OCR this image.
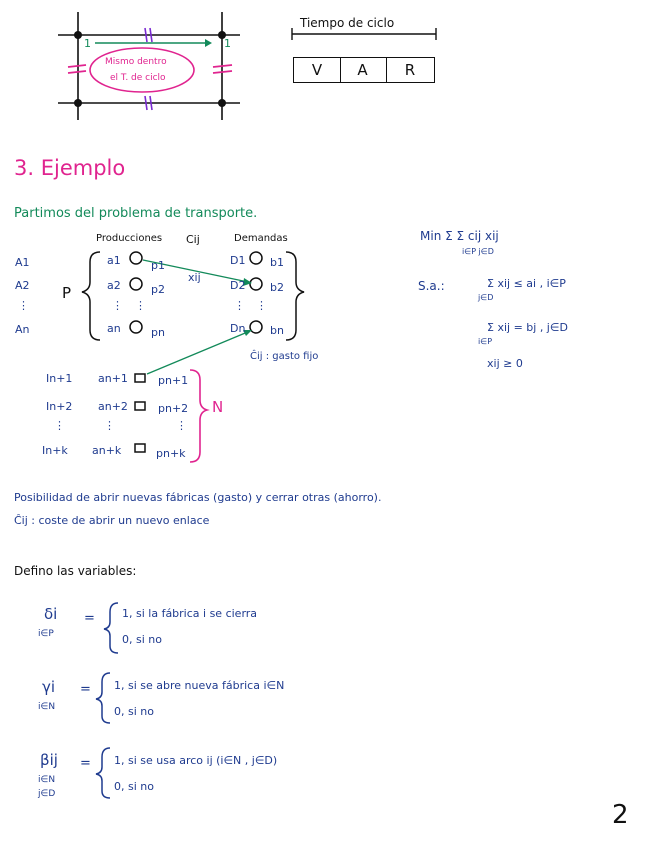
1	1
Mismo dentro
el T. de ciclo
Tiempo de ciclo
V	A	R
3. Ejemplo
Partimos del problema de transporte.
Producciones Cij	Demandas
A1
A2
⋮
An
P
a1
a2
⋮
an
p1
p2
⋮
pn
xij
D1
D2
⋮
Dn
b1
b2
⋮
bn
Ĉij : gasto fijo
In+1
In+2
⋮
In+k
an+1
an+2
⋮
an+k
pn+1
pn+2
⋮
pn+k
N
Min Σ Σ cij xij
i∈P j∈D
S.a.:	Σ xij ≤ ai , i∈P
j∈D
Σ xij = bj , j∈D
i∈P
xij ≥ 0
Posibilidad de abrir nuevas fábricas (gasto) y cerrar otras (ahorro).
Ĉij : coste de abrir un nuevo enlace
Defino las variables:
δi
i∈P
= 1, si la fábrica i se cierra
0, si no
γi
i∈N
= 1, si se abre nueva fábrica i∈N
0, si no
βij
i∈N
j∈D
= 1, si se usa arco ij (i∈N , j∈D)
0, si no
2
